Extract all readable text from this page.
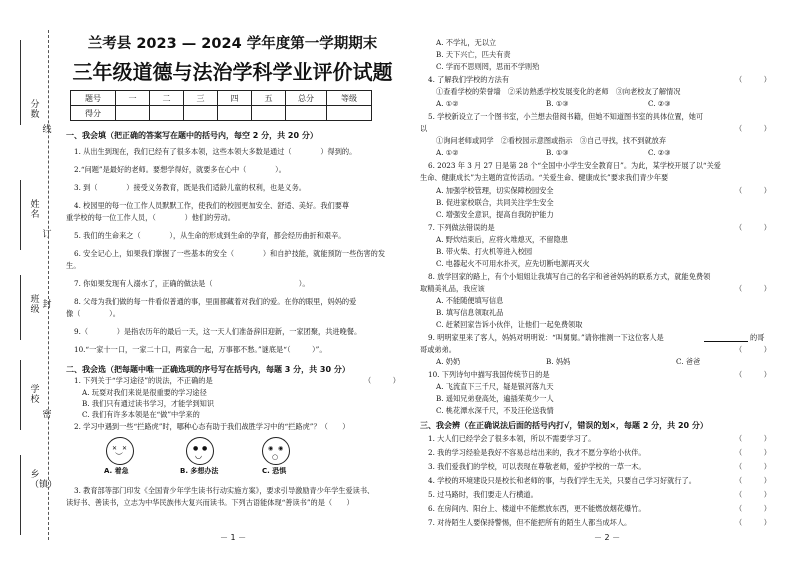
分数
线
姓名
订
班级 封
学校
密
乡（镇）
兰考县 2023 — 2024 学年度第一学期期末
三年级道德与法治学科学业评价试题
题号	一	二	三	四	五	总分	等级
得分							
一、我会填（把正确的答案写在题中的括号内，每空 2 分，共 20 分）
1. 从出生到现在，我们已经有了很多本领，这些本领大多数是通过（　　　　）得到的。
2.“问题”是最好的老师。要想学得好，就要多在心中（　　　　）。
3. 到（　　　　）接受义务教育，既是我们适龄儿童的权利，也是义务。
4. 校园里的每一位工作人员默默工作，使我们的校园更加安全、舒适、美好。我们要尊
重学校的每一位工作人员，（　　　　）他们的劳动。
5. 我们的生命来之（　　　　），从生命的形成到生命的孕育，都会经历曲折和艰辛。
6. 安全记心上，如果我们掌握了一些基本的安全（　　　　）和自护技能，就能预防一些伤害的发
生。
7. 你如果发现有人溺水了，正确的做法是（　　　　　　　　　　　　）。
8. 父母为我们做的每一件看似普通的事，里面都藏着对我们的爱。在你的眼里，妈妈的爱
像（　　　　）。
9.（　　　　）是指农历年的最后一天，这一天人们准备辞旧迎新，一家团聚，共进晚餐。
10.“一家十一口，一家二十口，两家合一起，万事都不愁。”谜底是“（　　　）”。
二、我会选（把每题中唯一正确选项的序号写在括号内，每题 3 分，共 30 分）
1. 下列关于“学习途径”的说法，不正确的是	（　　　）
A. 玩耍对我们来说是很重要的学习途径
B. 我们只有通过读书学习，才能学到知识
C. 我们有许多本领是在“做”中学来的
2. 学习中遇到一些“拦路虎”时，哪种心态有助于我们战胜学习中的“拦路虎”？（　　）
✕ ✕
︶
A. 着急
● ●
◡
B. 多想办法
◉ ◉
○
C. 恐惧
3. 教育部等部门印发《全国青少年学生读书行动实施方案》，要求引导激励青少年学生爱读书、
读好书、善读书，立志为中华民族伟大复兴而读书。下列古语能体现“善读书”的是（　　）
－ 1 －
A. 不学礼，无以立
B. 天下兴亡，匹夫有责
C. 学而不思则罔，思而不学则殆
4. 了解我们学校的方法有	（　　　）
①查看学校的荣誉墙　②采访熟悉学校发展变化的老师　③向老校友了解情况
A. ①②	B. ①③	C. ②③
5. 学校新设立了一个图书室，小兰想去借阅书籍，但她不知道图书室的具体位置，她可
以	（　　　）
①询问老师或同学　②看校园示意图或指示　③自己寻找，找不到就放弃
A. ①②	B. ①③	C. ②③
6. 2023 年 3 月 27 日是第 28 个“全国中小学生安全教育日”。为此，某学校开展了以“关爱
生命、健康成长”为主题的宣传活动。“关爱生命、健康成长”要求我们青少年要
（　　　）
A. 加强学校管理，切实保障校园安全
B. 促进家校联合，共同关注学生安全
C. 增强安全意识，提高自我防护能力
7. 下列做法错误的是	（　　　）
A. 野炊结束后，应将火堆熄灭，不留隐患
B. 带火柴、打火机等进入校园
C. 电器起火不可用水扑灭，应先切断电源再灭火
8. 放学回家的路上，有个小姐姐让我填写自己的名字和爸爸妈妈的联系方式，就能免费领
取精美礼品，我应该	（　　　）
A. 不能随便填写信息
B. 填写信息领取礼品
C. 赶紧回家告诉小伙伴，让他们一起免费领取
9. 明明家里来了客人，妈妈对明明说：“叫舅舅。”请你推测一下这位客人是	的哥
哥或弟弟。	（　　　）
A. 奶奶	B. 妈妈	C. 爸爸
10. 下列诗句中描写我国传统节日的是	（　　　）
A. 飞流直下三千尺，疑是银河落九天
B. 遥知兄弟登高处，遍插茱萸少一人
C. 桃花潭水深千尺，不及汪伦送我情
三、我会辨（在正确说法后面的括号内打√，错误的划×，每题 2 分，共 20 分）
1. 大人们已经学会了很多本领，所以不需要学习了。	（　　　）
2. 我的学习经验是我好不容易总结出来的，我才不愿分享给小伙伴。	（　　　）
3. 我们爱我们的学校，可以表现在尊敬老师，爱护学校的一草一木。	（　　　）
4. 学校的环境建设只是校长和老师的事，与我们学生无关，只要自己学习好就行了。	（　　　）
5. 过马路时，我们要走人行横道。	（　　　）
6. 在房间内、阳台上、楼道中不能燃放东西，更不能燃放烟花爆竹。	（　　　）
7. 对待陌生人要保持警惕，但不能把所有的陌生人都当成坏人。	（　　　）
－ 2 －
